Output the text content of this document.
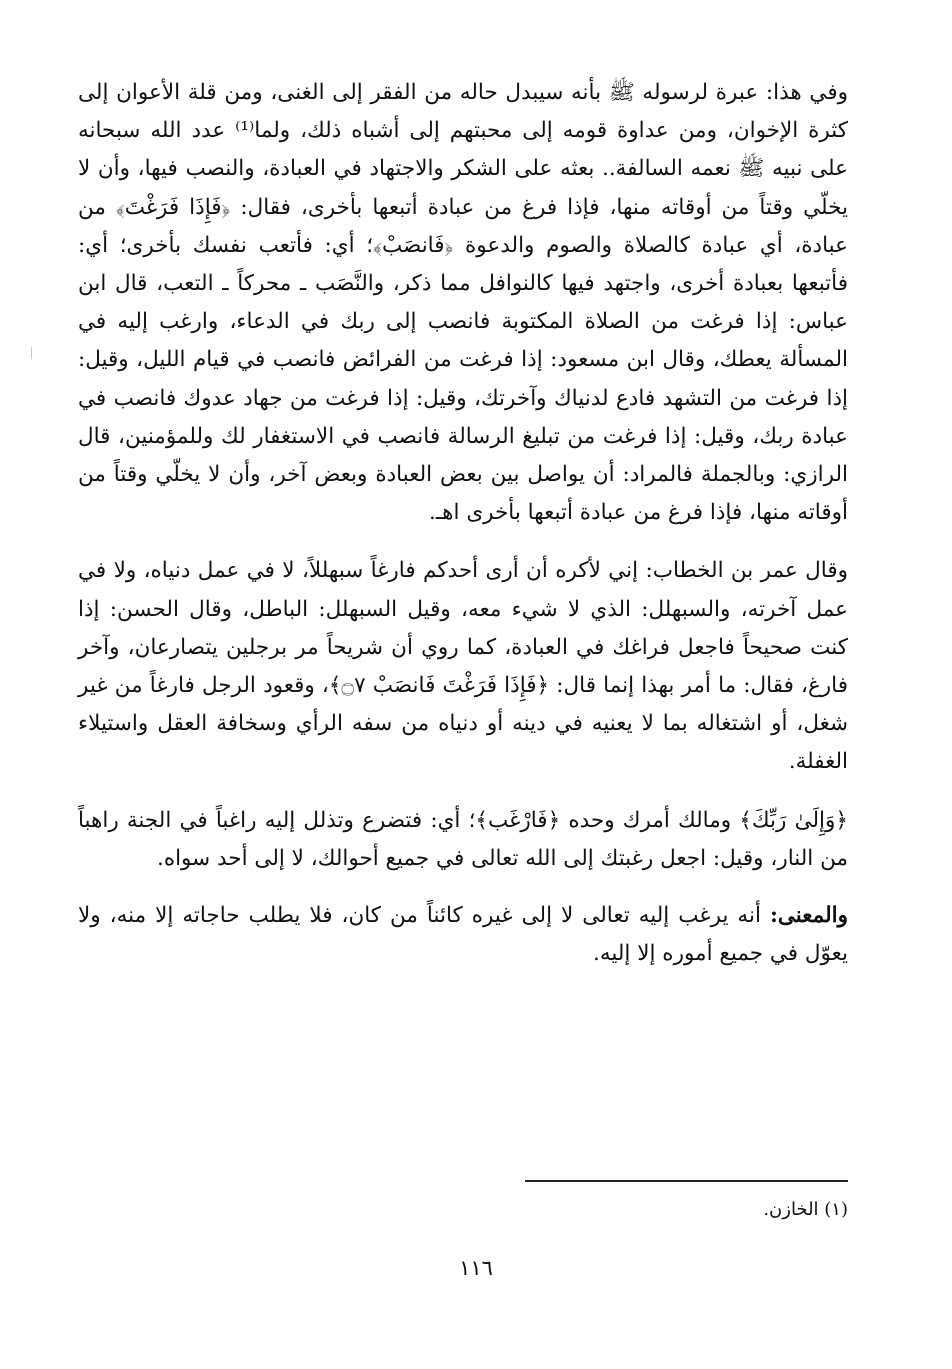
وفي هذا: عبرة لرسوله ﷺ بأنه سيبدل حاله من الفقر إلى الغنى، ومن قلة الأعوان إلى كثرة الإخوان، ومن عداوة قومه إلى محبتهم إلى أشباه ذلك، ولما⁽¹⁾ عدد الله سبحانه على نبيه ﷺ نعمه السالفة.. بعثه على الشكر والاجتهاد في العبادة، والنصب فيها، وأن لا يخلّي وقتاً من أوقاته منها، فإذا فرغ من عبادة أتبعها بأخرى، فقال: ﴿فَإِذَا فَرَغْتَ﴾ من عبادة، أي عبادة كالصلاة والصوم والدعوة ﴿فَانصَبْ﴾؛ أي: فأتعب نفسك بأخرى؛ أي: فأتبعها بعبادة أخرى، واجتهد فيها كالنوافل مما ذكر، والنَّصَب ـ محركاً ـ التعب، قال ابن عباس: إذا فرغت من الصلاة المكتوبة فانصب إلى ربك في الدعاء، وارغب إليه في المسألة يعطك، وقال ابن مسعود: إذا فرغت من الفرائض فانصب في قيام الليل، وقيل: إذا فرغت من التشهد فادع لدنياك وآخرتك، وقيل: إذا فرغت من جهاد عدوك فانصب في عبادة ربك، وقيل: إذا فرغت من تبليغ الرسالة فانصب في الاستغفار لك وللمؤمنين، قال الرازي: وبالجملة فالمراد: أن يواصل بين بعض العبادة وبعض آخر، وأن لا يخلّي وقتاً من أوقاته منها، فإذا فرغ من عبادة أتبعها بأخرى اهـ.

وقال عمر بن الخطاب: إني لأكره أن أرى أحدكم فارغاً سبهللاً، لا في عمل دنياه، ولا في عمل آخرته، والسبهلل: الذي لا شيء معه، وقيل السبهلل: الباطل، وقال الحسن: إذا كنت صحيحاً فاجعل فراغك في العبادة، كما روي أن شريحاً مر برجلين يتصارعان، وآخر فارغ، فقال: ما أمر بهذا إنما قال: ﴿فَإِذَا فَرَغْتَ فَانصَبْ ۝٧﴾، وقعود الرجل فارغاً من غير شغل، أو اشتغاله بما لا يعنيه في دينه أو دنياه من سفه الرأي وسخافة العقل واستيلاء الغفلة.

﴿وَإِلَىٰ رَبِّكَ﴾ ومالك أمرك وحده ﴿فَارْغَب﴾؛ أي: فتضرع وتذلل إليه راغباً في الجنة راهباً من النار، وقيل: اجعل رغبتك إلى الله تعالى في جميع أحوالك، لا إلى أحد سواه.

والمعنى: أنه يرغب إليه تعالى لا إلى غيره كائناً من كان، فلا يطلب حاجاته إلا منه، ولا يعوّل في جميع أموره إلا إليه.

(١) الخازن.
١١٦
